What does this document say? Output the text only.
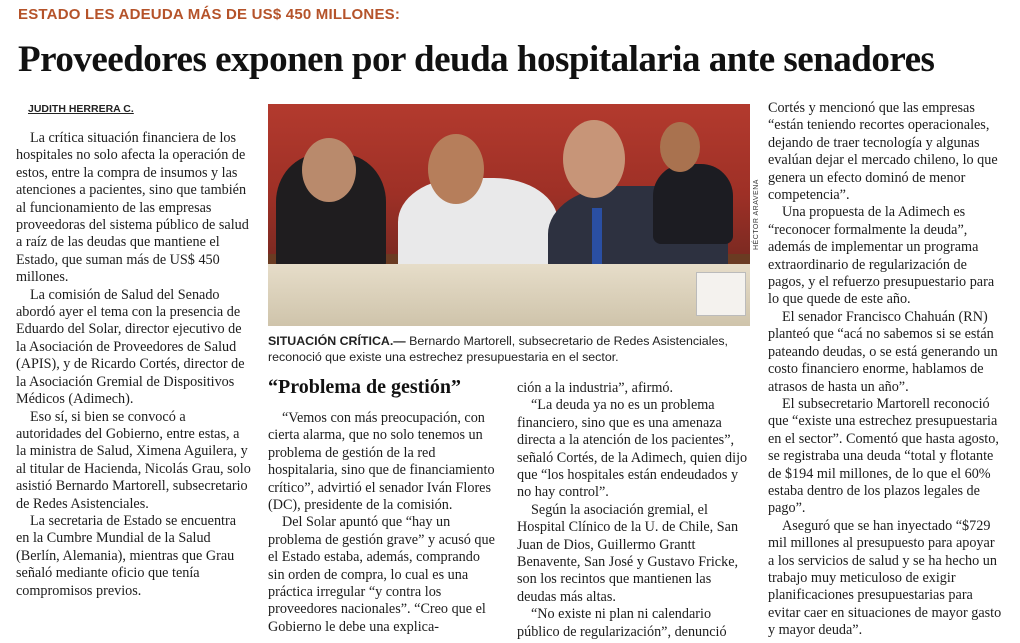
ESTADO LES ADEUDA MÁS DE US$ 450 MILLONES:
Proveedores exponen por deuda hospitalaria ante senadores
JUDITH HERRERA C.

La crítica situación financiera de los hospitales no solo afecta la operación de estos, entre la compra de insumos y las atenciones a pacientes, sino que también al funcionamiento de las empresas proveedoras del sistema público de salud a raíz de las deudas que mantiene el Estado, que suman más de US$ 450 millones.

La comisión de Salud del Senado abordó ayer el tema con la presencia de Eduardo del Solar, director ejecutivo de la Asociación de Proveedores de Salud (APIS), y de Ricardo Cortés, director de la Asociación Gremial de Dispositivos Médicos (Adimech).

Eso sí, si bien se convocó a autoridades del Gobierno, entre estas, a la ministra de Salud, Ximena Aguilera, y al titular de Hacienda, Nicolás Grau, solo asistió Bernardo Martorell, subsecretario de Redes Asistenciales.

La secretaria de Estado se encuentra en la Cumbre Mundial de la Salud (Berlín, Alemania), mientras que Grau señaló mediante oficio que tenía compromisos previos.

HÉCTOR ARAVENA
SITUACIÓN CRÍTICA.— Bernardo Martorell, subsecretario de Redes Asistenciales, reconoció que existe una estrechez presupuestaria en el sector.
“Problema de gestión”

“Vemos con más preocupación, con cierta alarma, que no solo tenemos un problema de gestión de la red hospitalaria, sino que de financiamiento crítico”, advirtió el senador Iván Flores (DC), presidente de la comisión.

Del Solar apuntó que “hay un problema de gestión grave” y acusó que el Estado estaba, además, comprando sin orden de compra, lo cual es una práctica irregular “y contra los proveedores nacionales”. “Creo que el Gobierno le debe una explica-

ción a la industria”, afirmó.

“La deuda ya no es un problema financiero, sino que es una amenaza directa a la atención de los pacientes”, señaló Cortés, de la Adimech, quien dijo que “los hospitales están endeudados y no hay control”.

Según la asociación gremial, el Hospital Clínico de la U. de Chile, San Juan de Dios, Guillermo Grantt Benavente, San José y Gustavo Fricke, son los recintos que mantienen las deudas más altas.

“No existe ni plan ni calendario público de regularización”, denunció

Cortés y mencionó que las empresas “están teniendo recortes operacionales, dejando de traer tecnología y algunas evalúan dejar el mercado chileno, lo que genera un efecto dominó de menor competencia”.

Una propuesta de la Adimech es “reconocer formalmente la deuda”, además de implementar un programa extraordinario de regularización de pagos, y el refuerzo presupuestario para lo que quede de este año.

El senador Francisco Chahuán (RN) planteó que “acá no sabemos si se están pateando deudas, o se está generando un costo financiero enorme, hablamos de atrasos de hasta un año”.

El subsecretario Martorell reconoció que “existe una estrechez presupuestaria en el sector”. Comentó que hasta agosto, se registraba una deuda “total y flotante de $194 mil millones, de lo que el 60% estaba dentro de los plazos legales de pago”.

Aseguró que se han inyectado “$729 mil millones al presupuesto para apoyar a los servicios de salud y se ha hecho un trabajo muy meticuloso de exigir planificaciones presupuestarias para evitar caer en situaciones de mayor gasto y mayor deuda”.
